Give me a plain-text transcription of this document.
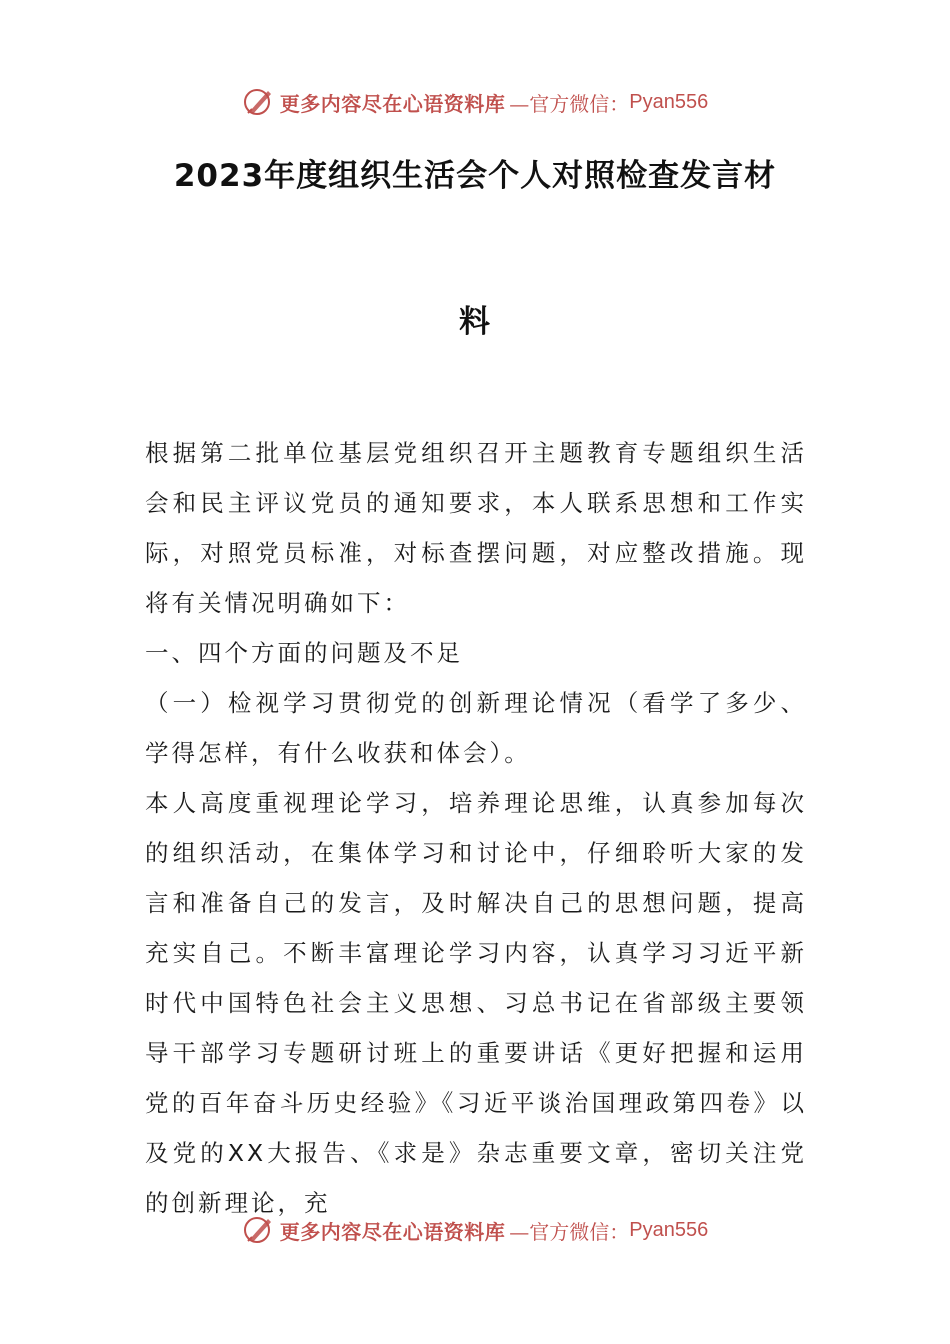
更多内容尽在心语资料库 —官方微信： Pyan556
2023年度组织生活会个人对照检查发言材
料

根据第二批单位基层党组织召开主题教育专题组织生活会和民主评议党员的通知要求，本人联系思想和工作实际，对照党员标准，对标查摆问题，对应整改措施。现将有关情况明确如下：

一、四个方面的问题及不足

（一）检视学习贯彻党的创新理论情况（看学了多少、学得怎样，有什么收获和体会）。

本人高度重视理论学习，培养理论思维，认真参加每次的组织活动，在集体学习和讨论中，仔细聆听大家的发言和准备自己的发言，及时解决自己的思想问题，提高充实自己。不断丰富理论学习内容，认真学习习近平新时代中国特色社会主义思想、习总书记在省部级主要领导干部学习专题研讨班上的重要讲话《更好把握和运用党的百年奋斗历史经验》《习近平谈治国理政第四卷》以及党的XX大报告、《求是》杂志重要文章，密切关注党的创新理论，充

更多内容尽在心语资料库 —官方微信： Pyan556
